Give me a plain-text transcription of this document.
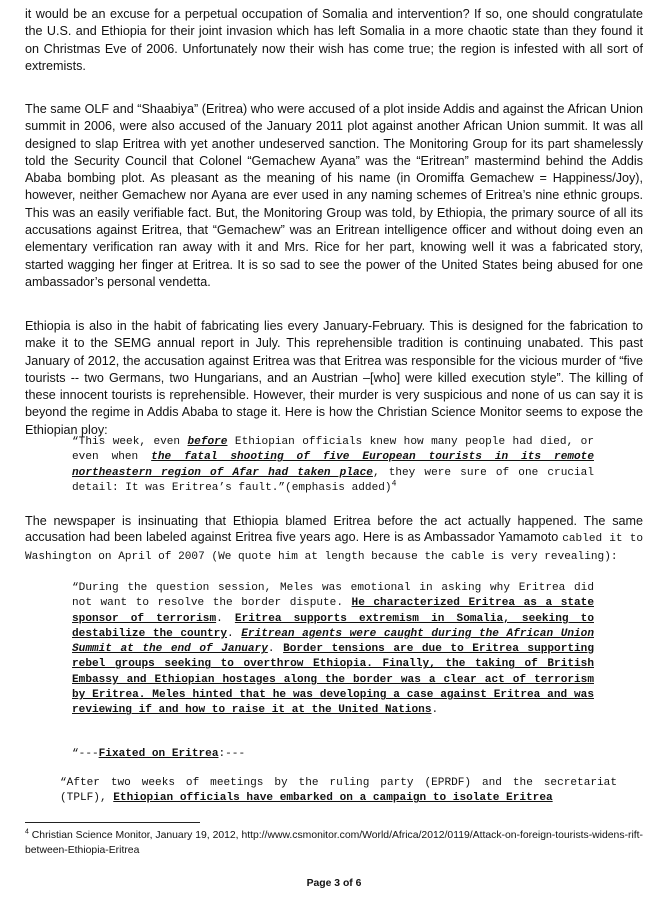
it would be an excuse for a perpetual occupation of Somalia and intervention? If so, one should congratulate the U.S. and Ethiopia for their joint invasion which has left Somalia in a more chaotic state than they found it on Christmas Eve of 2006. Unfortunately now their wish has come true; the region is infested with all sort of extremists.

The same OLF and “Shaabiya” (Eritrea) who were accused of a plot inside Addis and against the African Union summit in 2006, were also accused of the January 2011 plot against another African Union summit. It was all designed to slap Eritrea with yet another undeserved sanction. The Monitoring Group for its part shamelessly told the Security Council that Colonel “Gemachew Ayana” was the “Eritrean” mastermind behind the Addis Ababa bombing plot. As pleasant as the meaning of his name (in Oromiffa Gemachew = Happiness/Joy), however, neither Gemachew nor Ayana are ever used in any naming schemes of Eritrea’s nine ethnic groups. This was an easily verifiable fact. But, the Monitoring Group was told, by Ethiopia, the primary source of all its accusations against Eritrea, that “Gemachew” was an Eritrean intelligence officer and without doing even an elementary verification ran away with it and Mrs. Rice for her part, knowing well it was a fabricated story, started wagging her finger at Eritrea. It is so sad to see the power of the United States being abused for one ambassador’s personal vendetta.

Ethiopia is also in the habit of fabricating lies every January-February. This is designed for the fabrication to make it to the SEMG annual report in July. This reprehensible tradition is continuing unabated. This past January of 2012, the accusation against Eritrea was that Eritrea was responsible for the vicious murder of “five tourists -- two Germans, two Hungarians, and an Austrian –[who] were killed execution style”. The killing of these innocent tourists is reprehensible. However, their murder is very suspicious and none of us can say it is beyond the regime in Addis Ababa to stage it. Here is how the Christian Science Monitor seems to expose the Ethiopian ploy:

“This week, even before Ethiopian officials knew how many people had died, or even when the fatal shooting of five European tourists in its remote northeastern region of Afar had taken place, they were sure of one crucial detail: It was Eritrea’s fault.”(emphasis added)$^4$

The newspaper is insinuating that Ethiopia blamed Eritrea before the act actually happened. The same accusation had been labeled against Eritrea five years ago. Here is as Ambassador Yamamoto cabled it to Washington on April of 2007 (We quote him at length because the cable is very revealing):

“During the question session, Meles was emotional in asking why Eritrea did not want to resolve the border dispute. He characterized Eritrea as a state sponsor of terrorism. Eritrea supports extremism in Somalia, seeking to destabilize the country. Eritrean agents were caught during the African Union Summit at the end of January. Border tensions are due to Eritrea supporting rebel groups seeking to overthrow Ethiopia. Finally, the taking of British Embassy and Ethiopian hostages along the border was a clear act of terrorism by Eritrea. Meles hinted that he was developing a case against Eritrea and was reviewing if and how to raise it at the United Nations.

“---Fixated on Eritrea:---

“After two weeks of meetings by the ruling party (EPRDF) and the secretariat (TPLF), Ethiopian officials have embarked on a campaign to isolate Eritrea

$^4$ Christian Science Monitor, January 19, 2012, http://www.csmonitor.com/World/Africa/2012/0119/Attack-on-foreign-tourists-widens-rift-between-Ethiopia-Eritrea

Page 3 of 6
